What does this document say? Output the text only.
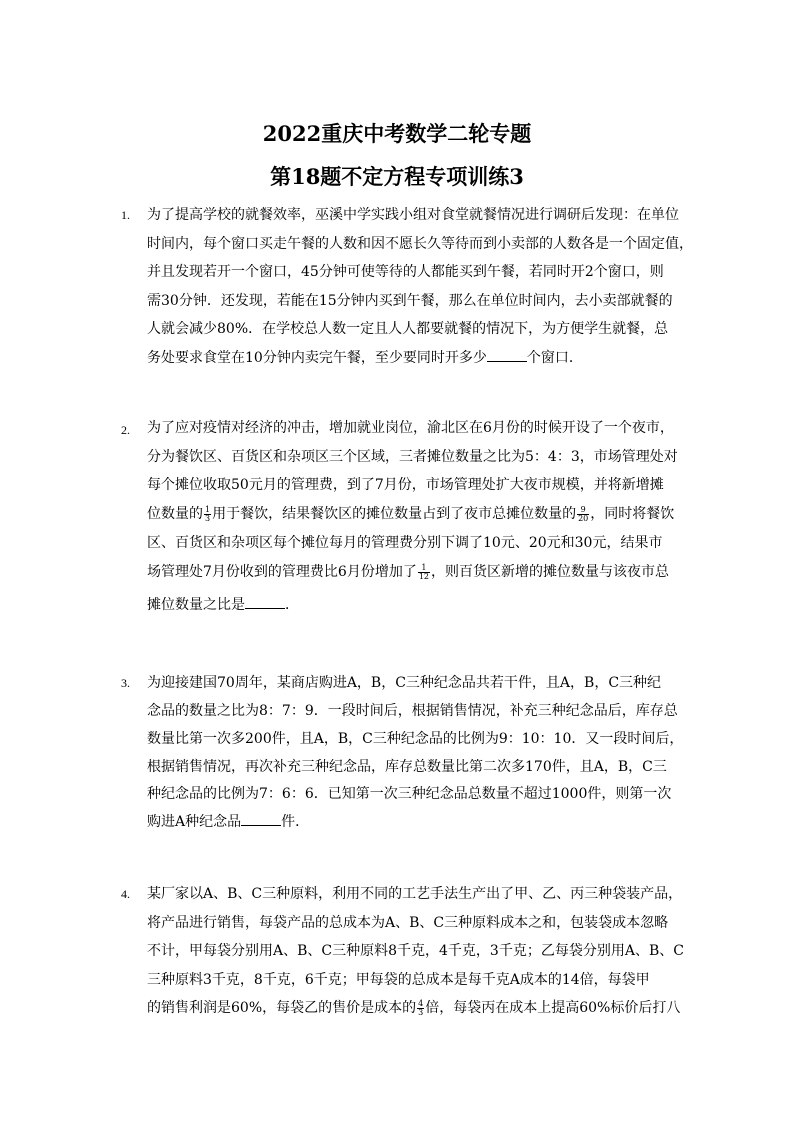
2022重庆中考数学二轮专题
第18题不定方程专项训练3
1. 为了提高学校的就餐效率，巫溪中学实践小组对食堂就餐情况进行调研后发现：在单位
时间内，每个窗口买走午餐的人数和因不愿长久等待而到小卖部的人数各是一个固定值，
并且发现若开一个窗口，45分钟可使等待的人都能买到午餐，若同时开2个窗口，则
需30分钟．还发现，若能在15分钟内买到午餐，那么在单位时间内，去小卖部就餐的
人就会减少80%．在学校总人数一定且人人都要就餐的情况下，为方便学生就餐，总
务处要求食堂在10分钟内卖完午餐，至少要同时开多少	个窗口．
2. 为了应对疫情对经济的冲击，增加就业岗位，渝北区在6月份的时候开设了一个夜市，
分为餐饮区、百货区和杂项区三个区域，三者摊位数量之比为5：4：3，市场管理处对
每个摊位收取50元月的管理费，到了7月份，市场管理处扩大夜市规模，并将新增摊
位数量的 $\frac{1}{3}$ 用于餐饮，结果餐饮区的摊位数量占到了夜市总摊位数量的 $\frac{9}{20}$ ，同时将餐饮
区、百货区和杂项区每个摊位每月的管理费分别下调了10元、20元和30元，结果市
场管理处7月份收到的管理费比6月份增加了 $\frac{1}{12}$ ，则百货区新增的摊位数量与该夜市总
摊位数量之比是	．
3. 为迎接建国70周年，某商店购进A，B，C三种纪念品共若干件，且A，B，C三种纪
念品的数量之比为8：7：9．一段时间后，根据销售情况，补充三种纪念品后，库存总
数量比第一次多200件，且A，B，C三种纪念品的比例为9：10：10．又一段时间后，
根据销售情况，再次补充三种纪念品，库存总数量比第二次多170件，且A，B，C三
种纪念品的比例为7：6：6．已知第一次三种纪念品总数量不超过1000件，则第一次
购进A种纪念品	件．
4. 某厂家以A、B、C三种原料，利用不同的工艺手法生产出了甲、乙、丙三种袋装产品，
将产品进行销售，每袋产品的总成本为A、B、C三种原料成本之和，包装袋成本忽略
不计，甲每袋分别用A、B、C三种原料8千克，4千克，3千克；乙每袋分别用A、B、C
三种原料3千克，8千克，6千克；甲每袋的总成本是每千克A成本的14倍，每袋甲
的销售利润是60%，每袋乙的售价是成本的 $\frac{4}{3}$ 倍，每袋丙在成本上提高60%标价后打八
